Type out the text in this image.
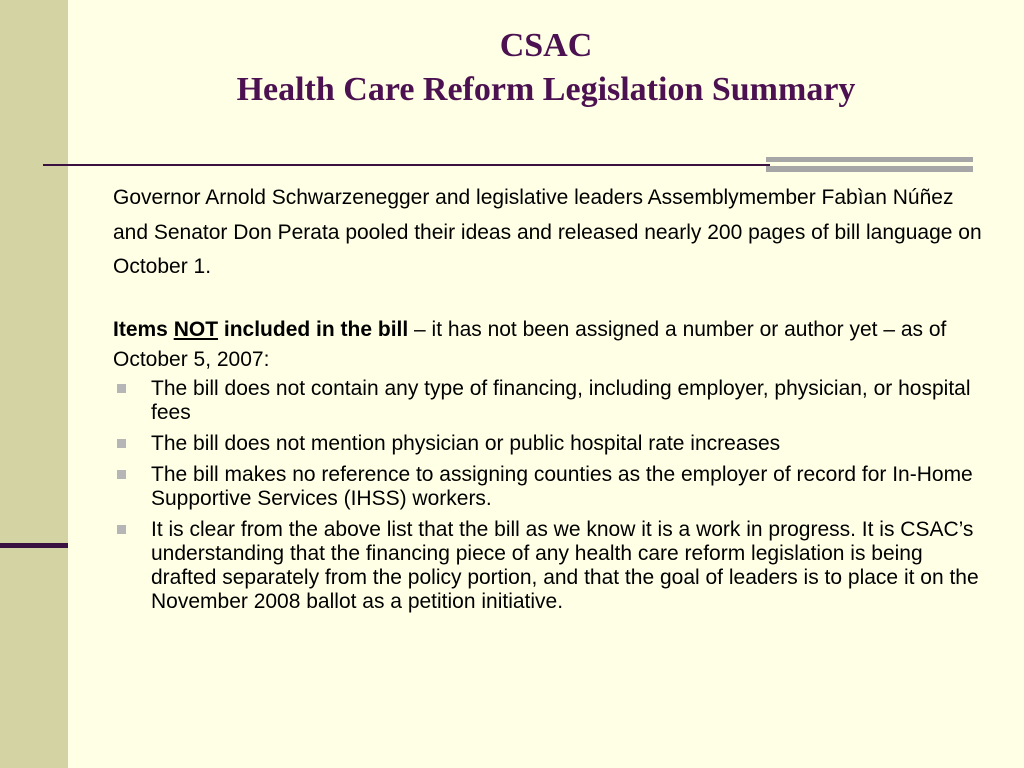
CSAC
Health Care Reform Legislation Summary

Governor Arnold Schwarzenegger and legislative leaders Assemblymember Fabìan Núñez and Senator Don Perata pooled their ideas and released nearly 200 pages of bill language on October 1.

Items NOT included in the bill – it has not been assigned a number or author yet – as of October 5, 2007:

The bill does not contain any type of financing, including employer, physician, or hospital fees
The bill does not mention physician or public hospital rate increases
The bill makes no reference to assigning counties as the employer of record for In-Home Supportive Services (IHSS) workers.
It is clear from the above list that the bill as we know it is a work in progress. It is CSAC’s understanding that the financing piece of any health care reform legislation is being drafted separately from the policy portion, and that the goal of leaders is to place it on the November 2008 ballot as a petition initiative.
